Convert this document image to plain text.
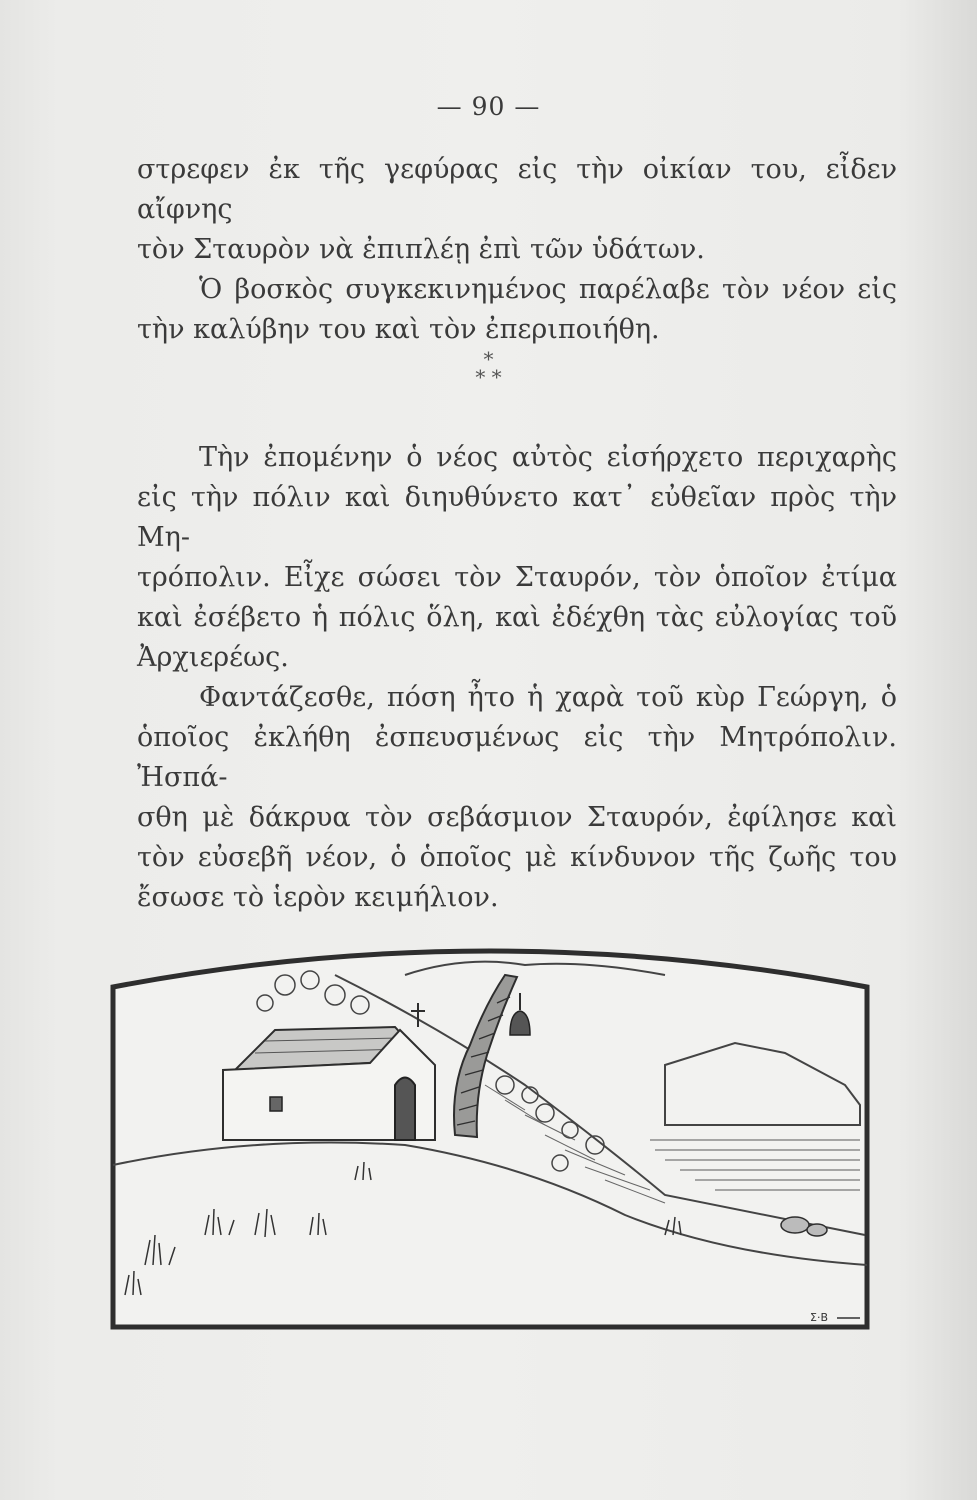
— 90 —

στρεφεν ἐκ τῆς γεφύρας εἰς τὴν οἰκίαν του, εἶδεν αἴφνης
τὸν Σταυρὸν νὰ ἐπιπλέῃ ἐπὶ τῶν ὑδάτων.

Ὁ βοσκὸς συγκεκινημένος παρέλαβε τὸν νέον εἰς
τὴν καλύβην του καὶ τὸν ἐπεριποιήθη.

*
* *

Τὴν ἐπομένην ὁ νέος αὐτὸς εἰσήρχετο περιχαρὴς
εἰς τὴν πόλιν καὶ διηυθύνετο κατ᾽ εὐθεῖαν πρὸς τὴν Μη-
τρόπολιν. Εἶχε σώσει τὸν Σταυρόν, τὸν ὁποῖον ἐτίμα
καὶ ἐσέβετο ἡ πόλις ὅλη, καὶ ἐδέχθη τὰς εὐλογίας τοῦ
Ἀρχιερέως.

Φαντάζεσθε, πόση ἦτο ἡ χαρὰ τοῦ κὺρ Γεώργη, ὁ
ὁποῖος ἐκλήθη ἐσπευσμένως εἰς τὴν Μητρόπολιν. Ἠσπά-
σθη μὲ δάκρυα τὸν σεβάσμιον Σταυρόν, ἐφίλησε καὶ
τὸν εὐσεβῆ νέον, ὁ ὁποῖος μὲ κίνδυνον τῆς ζωῆς του
ἔσωσε τὸ ἱερὸν κειμήλιον.

Σ·Β
